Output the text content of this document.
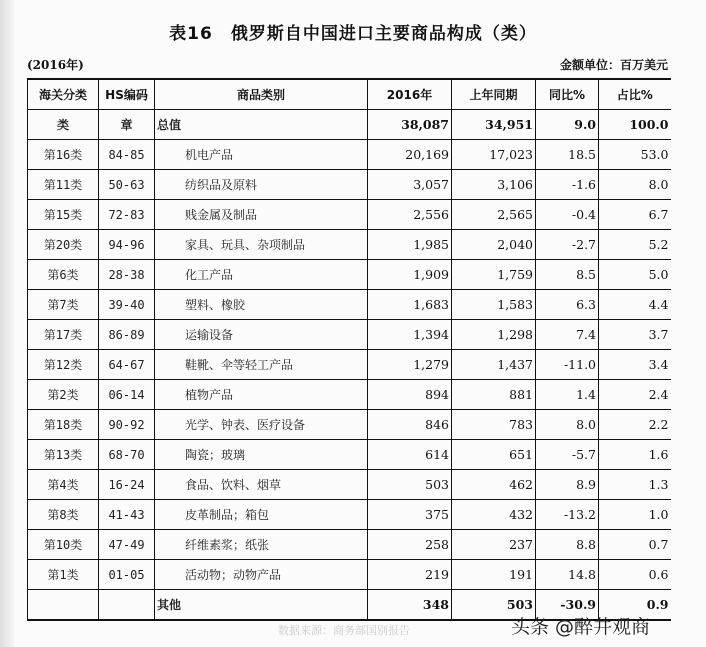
表16　俄罗斯自中国进口主要商品构成（类）
(2016年)	金额单位：百万美元
海关分类	HS编码	商品类别	2016年	上年同期	同比%	占比%
类	章	总值	38,087	34,951	9.0	100.0
第16类	84-85	机电产品	20,169	17,023	18.5	53.0
第11类	50-63	纺织品及原料	3,057	3,106	-1.6	8.0
第15类	72-83	贱金属及制品	2,556	2,565	-0.4	6.7
第20类	94-96	家具、玩具、杂项制品	1,985	2,040	-2.7	5.2
第6类	28-38	化工产品	1,909	1,759	8.5	5.0
第7类	39-40	塑料、橡胶	1,683	1,583	6.3	4.4
第17类	86-89	运输设备	1,394	1,298	7.4	3.7
第12类	64-67	鞋靴、伞等轻工产品	1,279	1,437	-11.0	3.4
第2类	06-14	植物产品	894	881	1.4	2.4
第18类	90-92	光学、钟表、医疗设备	846	783	8.0	2.2
第13类	68-70	陶瓷；玻璃	614	651	-5.7	1.6
第4类	16-24	食品、饮料、烟草	503	462	8.9	1.3
第8类	41-43	皮革制品；箱包	375	432	-13.2	1.0
第10类	47-49	纤维素浆；纸张	258	237	8.8	0.7
第1类	01-05	活动物；动物产品	219	191	14.8	0.6
		其他	348	503	-30.9	0.9
数据来源：商务部国别报告	头条 @醉井观商
